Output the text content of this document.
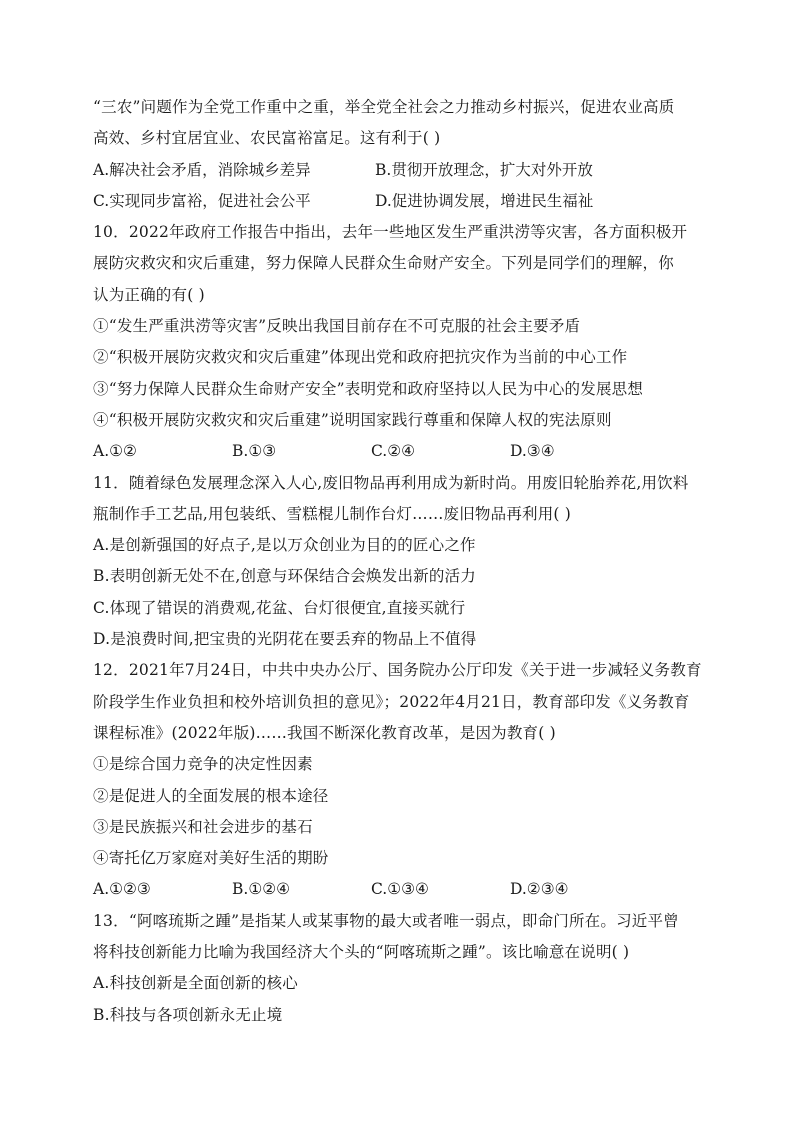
“三农”问题作为全党工作重中之重，举全党全社会之力推动乡村振兴，促进农业高质
高效、乡村宜居宜业、农民富裕富足。这有利于( )
A.解决社会矛盾，消除城乡差异	B.贯彻开放理念，扩大对外开放
C.实现同步富裕，促进社会公平	D.促进协调发展，增进民生福祉
10．2022年政府工作报告中指出，去年一些地区发生严重洪涝等灾害，各方面积极开
展防灾救灾和灾后重建，努力保障人民群众生命财产安全。下列是同学们的理解，你
认为正确的有( )
①“发生严重洪涝等灾害”反映出我国目前存在不可克服的社会主要矛盾
②“积极开展防灾救灾和灾后重建”体现出党和政府把抗灾作为当前的中心工作
③“努力保障人民群众生命财产安全”表明党和政府坚持以人民为中心的发展思想
④“积极开展防灾救灾和灾后重建”说明国家践行尊重和保障人权的宪法原则
A.①②	B.①③	C.②④	D.③④
11．随着绿色发展理念深入人心,废旧物品再利用成为新时尚。用废旧轮胎养花,用饮料
瓶制作手工艺品,用包装纸、雪糕棍儿制作台灯……废旧物品再利用( )
A.是创新强国的好点子,是以万众创业为目的的匠心之作
B.表明创新无处不在,创意与环保结合会焕发出新的活力
C.体现了错误的消费观,花盆、台灯很便宜,直接买就行
D.是浪费时间,把宝贵的光阴花在要丢弃的物品上不值得
12．2021年7月24日，中共中央办公厅、国务院办公厅印发《关于进一步减轻义务教育
阶段学生作业负担和校外培训负担的意见》；2022年4月21日，教育部印发《义务教育
课程标准》(2022年版)……我国不断深化教育改革，是因为教育( )
①是综合国力竞争的决定性因素
②是促进人的全面发展的根本途径
③是民族振兴和社会进步的基石
④寄托亿万家庭对美好生活的期盼
A.①②③	B.①②④	C.①③④	D.②③④
13．“阿喀琉斯之踵”是指某人或某事物的最大或者唯一弱点，即命门所在。习近平曾
将科技创新能力比喻为我国经济大个头的“阿喀琉斯之踵”。该比喻意在说明( )
A.科技创新是全面创新的核心
B.科技与各项创新永无止境
